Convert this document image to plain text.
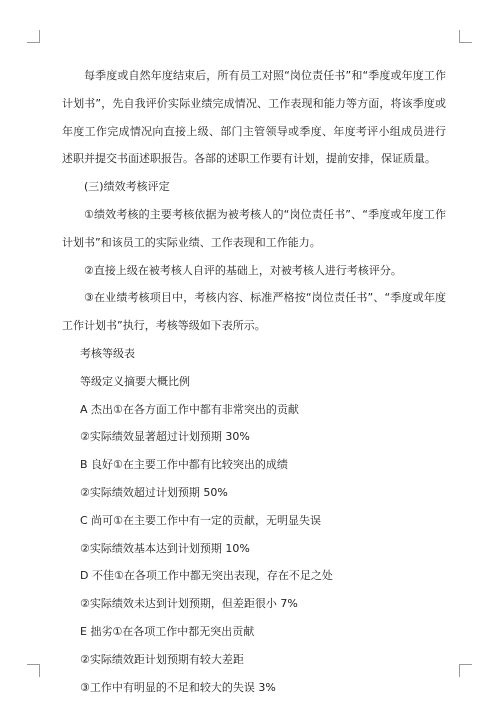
每季度或自然年度结束后，所有员工对照“岗位责任书”和“季度或年度工作计划书”，先自我评价实际业绩完成情况、工作表现和能力等方面，将该季度或年度工作完成情况向直接上级、部门主管领导或季度、年度考评小组成员进行述职并提交书面述职报告。各部的述职工作要有计划，提前安排，保证质量。

(三)绩效考核评定

①绩效考核的主要考核依据为被考核人的“岗位责任书”、“季度或年度工作计划书”和该员工的实际业绩、工作表现和工作能力。

②直接上级在被考核人自评的基础上，对被考核人进行考核评分。

③在业绩考核项目中，考核内容、标准严格按“岗位责任书”、“季度或年度工作计划书”执行，考核等级如下表所示。

考核等级表

等级定义摘要大概比例

A 杰出①在各方面工作中都有非常突出的贡献

②实际绩效显著超过计划预期 30%

B 良好①在主要工作中都有比较突出的成绩

②实际绩效超过计划预期 50%

C 尚可①在主要工作中有一定的贡献，无明显失误

②实际绩效基本达到计划预期 10%

D 不佳①在各项工作中都无突出表现，存在不足之处

②实际绩效未达到计划预期，但差距很小 7%

E 拙劣①在各项工作中都无突出贡献

②实际绩效距计划预期有较大差距

③工作中有明显的不足和较大的失误 3%
